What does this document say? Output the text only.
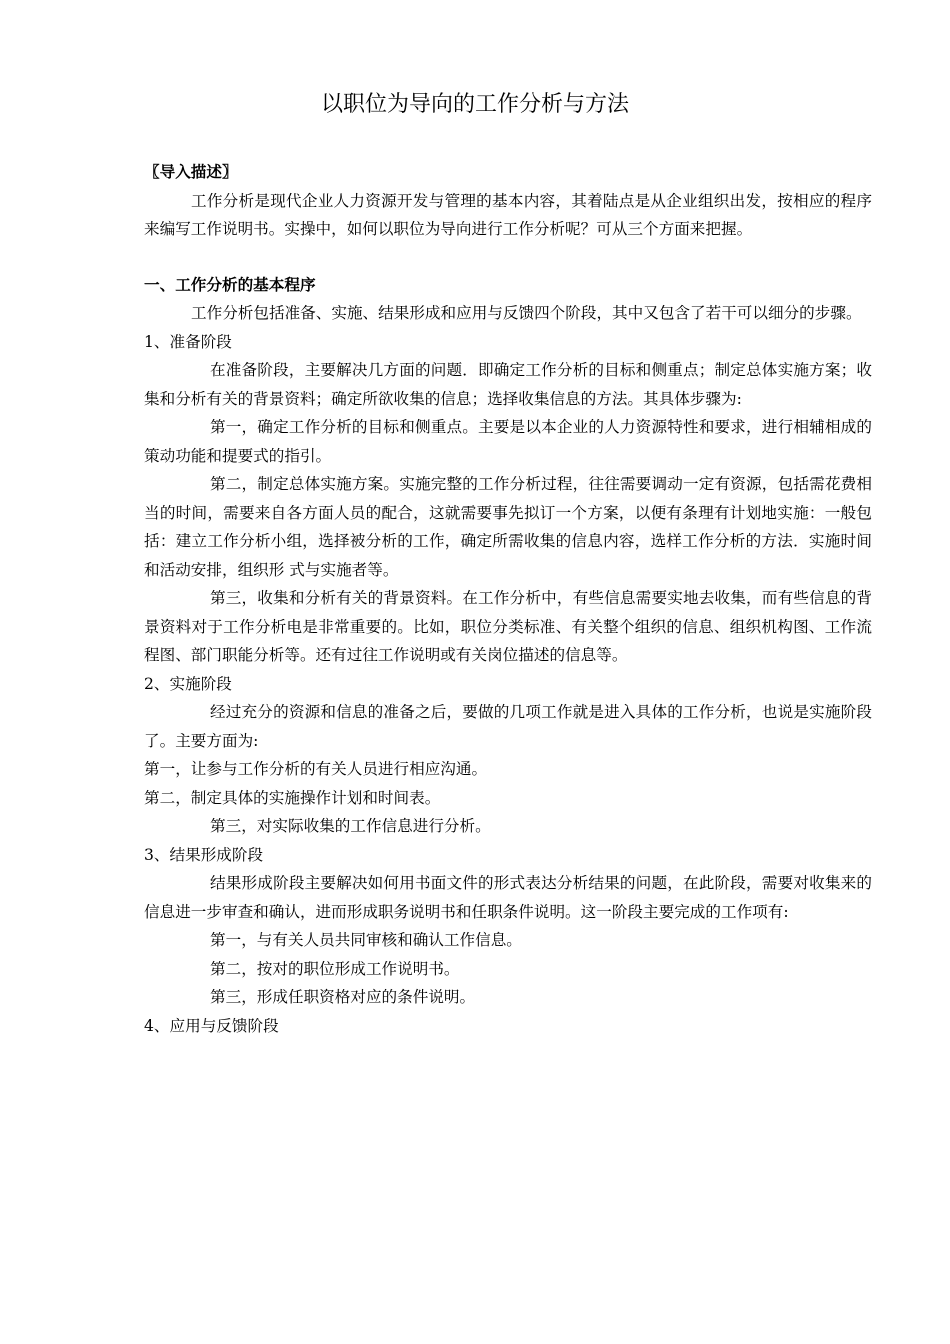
以职位为导向的工作分析与方法

〖导入描述〗

工作分析是现代企业人力资源开发与管理的基本内容，其着陆点是从企业组织出发，按相应的程序来编写工作说明书。实操中，如何以职位为导向进行工作分析呢？可从三个方面来把握。

一、工作分析的基本程序

工作分析包括准备、实施、结果形成和应用与反馈四个阶段，其中又包含了若干可以细分的步骤。

1、准备阶段

在准备阶段，主要解决几方面的问题．即确定工作分析的目标和侧重点；制定总体实施方案；收集和分析有关的背景资料；确定所欲收集的信息；选择收集信息的方法。其具体步骤为:

第一，确定工作分析的目标和侧重点。主要是以本企业的人力资源特性和要求，进行相辅相成的策动功能和提要式的指引。

第二，制定总体实施方案。实施完整的工作分析过程，往往需要调动一定有资源，包括需花费相当的时间，需要来自各方面人员的配合，这就需要事先拟订一个方案，以便有条理有计划地实施：一般包括：建立工作分析小组，选择被分析的工作，确定所需收集的信息内容，选样工作分析的方法．实施时间和活动安排，组织形 式与实施者等。

第三，收集和分析有关的背景资料。在工作分析中，有些信息需要实地去收集，而有些信息的背景资料对于工作分析电是非常重要的。比如，职位分类标准、有关整个组织的信息、组织机构图、工作流程图、部门职能分析等。还有过往工作说明或有关岗位描述的信息等。

2、实施阶段

经过充分的资源和信息的准备之后，要做的几项工作就是进入具体的工作分析，也说是实施阶段了。主要方面为:

第一，让参与工作分析的有关人员进行相应沟通。

第二，制定具体的实施操作计划和时间表。

第三，对实际收集的工作信息进行分析。

3、结果形成阶段

结果形成阶段主要解决如何用书面文件的形式表达分析结果的问题，在此阶段，需要对收集来的信息进一步审查和确认，进而形成职务说明书和任职条件说明。这一阶段主要完成的工作项有:

第一，与有关人员共同审核和确认工作信息。

第二，按对的职位形成工作说明书。

第三，形成任职资格对应的条件说明。

4、应用与反馈阶段
